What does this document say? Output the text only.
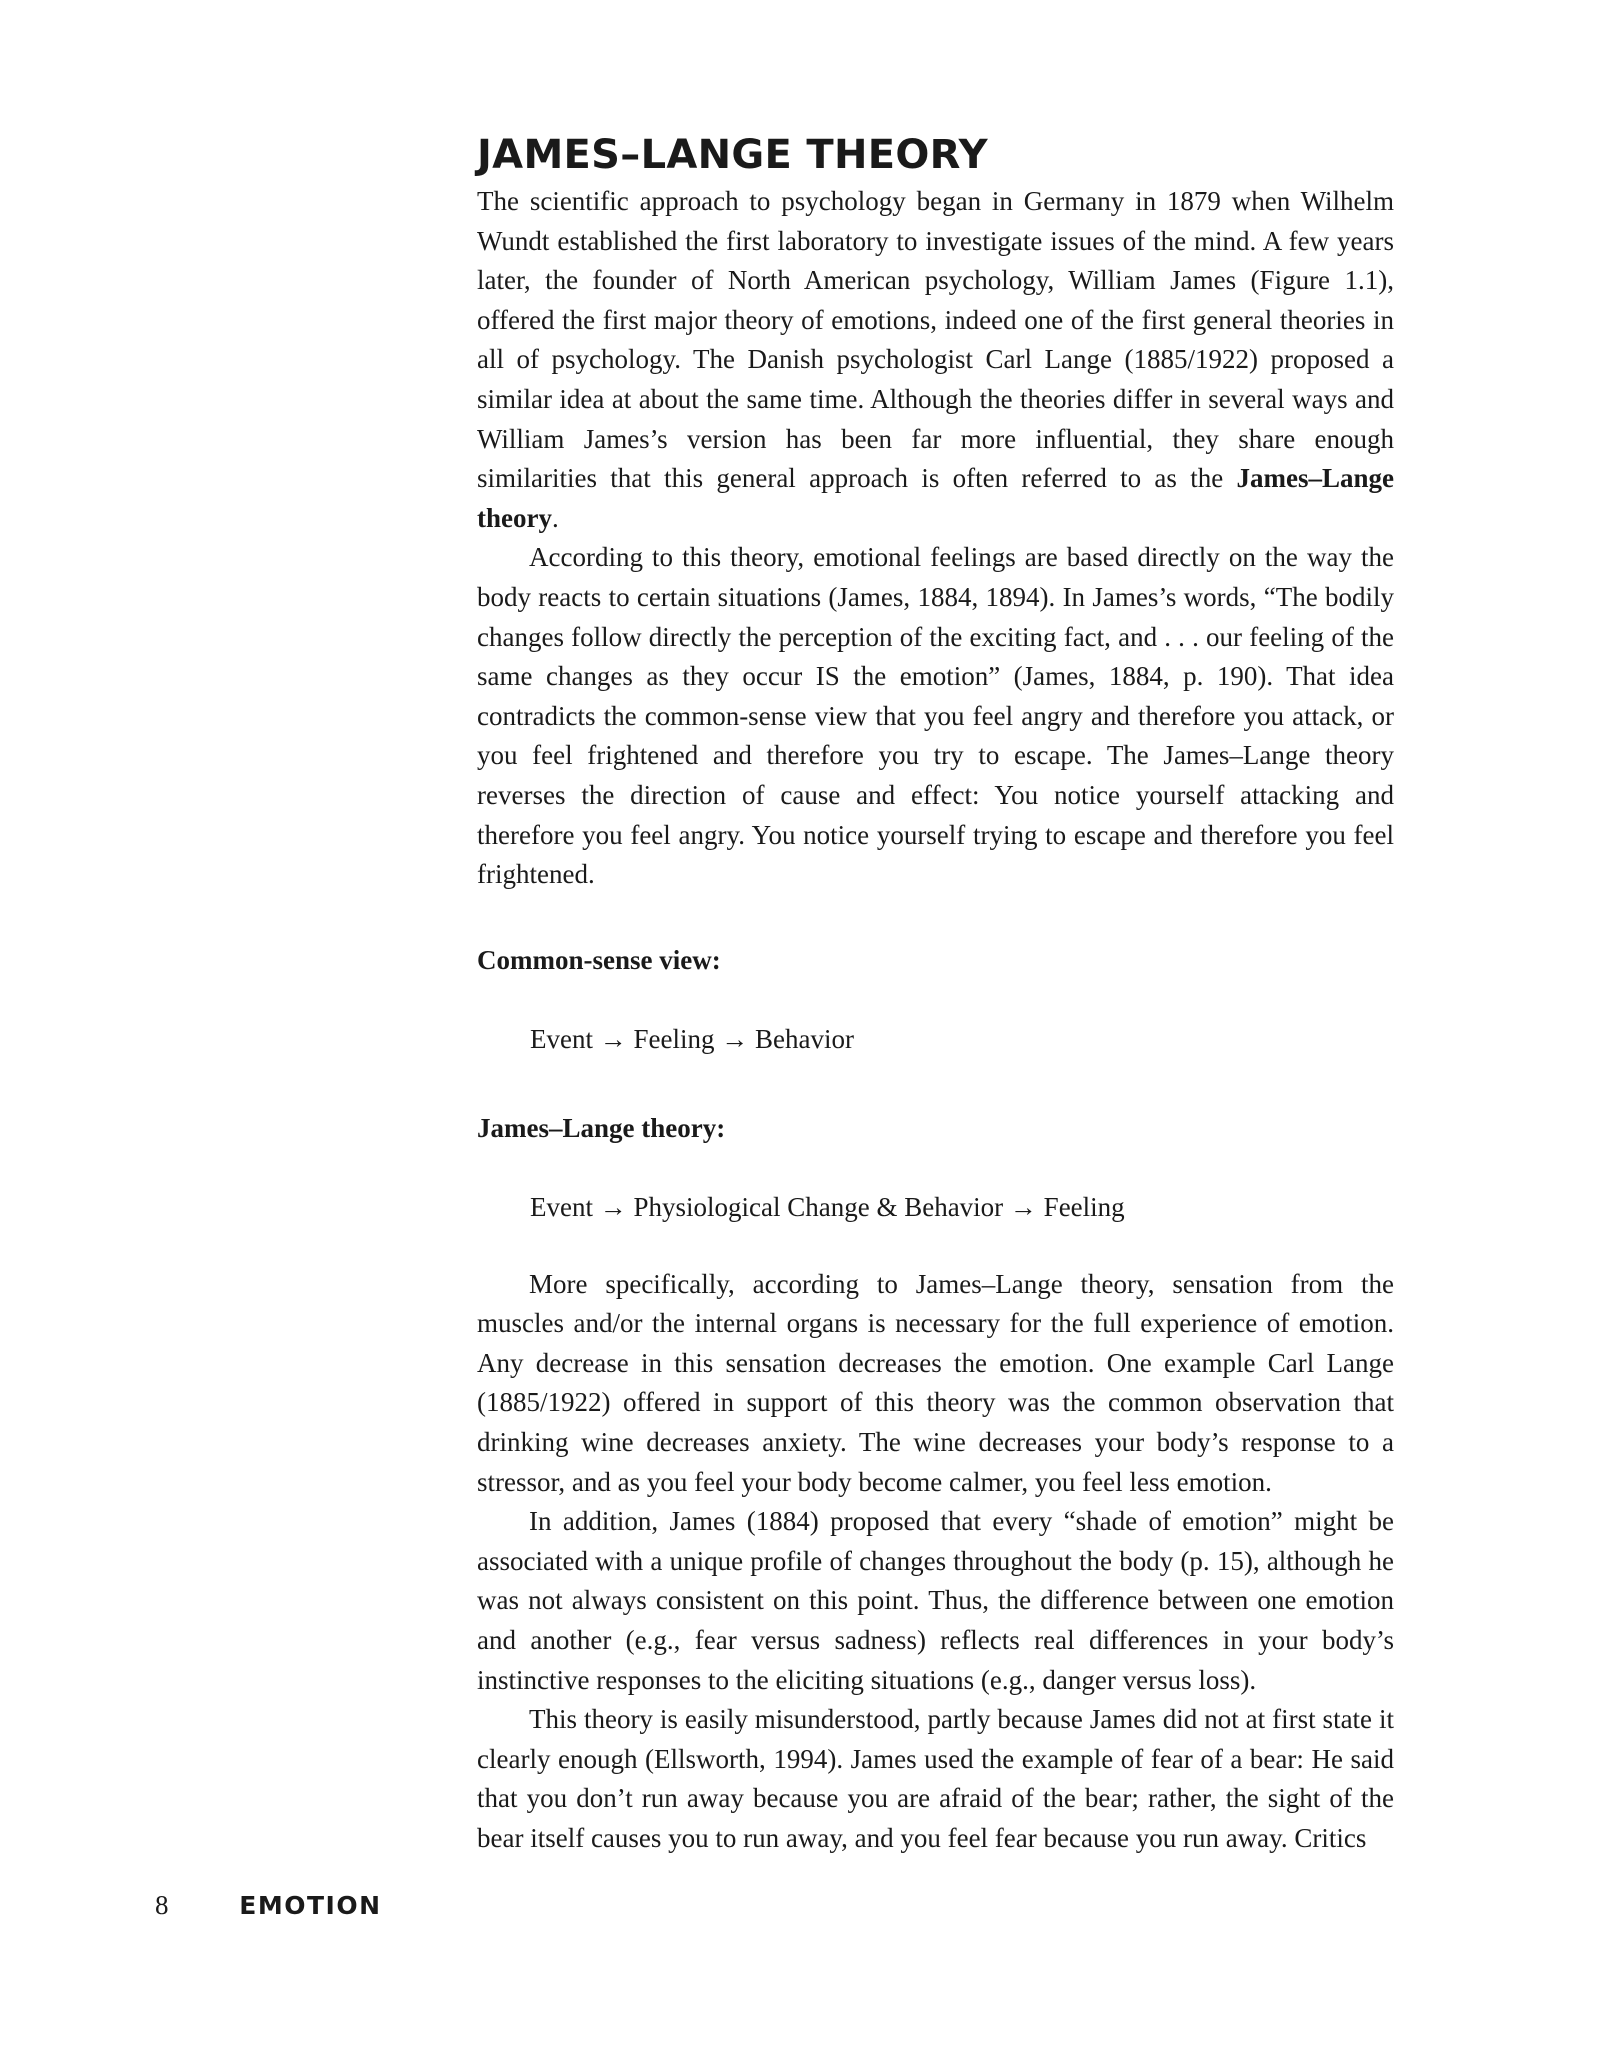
JAMES–LANGE THEORY

The scientific approach to psychology began in Germany in 1879 when Wilhelm Wundt established the first laboratory to investigate issues of the mind. A few years later, the founder of North American psychology, William James (Figure 1.1), offered the first major theory of emotions, indeed one of the first general theories in all of psychology. The Danish psychologist Carl Lange (1885/1922) proposed a similar idea at about the same time. Although the theories differ in several ways and William James’s version has been far more influential, they share enough similarities that this general approach is often referred to as the James–Lange theory.

According to this theory, emotional feelings are based directly on the way the body reacts to certain situations (James, 1884, 1894). In James’s words, “The bodily changes follow directly the perception of the exciting fact, and . . . our feeling of the same changes as they occur IS the emotion” (James, 1884, p. 190). That idea contradicts the common-sense view that you feel angry and therefore you attack, or you feel frightened and therefore you try to escape. The James–Lange theory reverses the direction of cause and effect: You notice yourself attacking and therefore you feel angry. You notice yourself trying to escape and therefore you feel frightened.

Common-sense view:
Event → Feeling → Behavior
James–Lange theory:
Event → Physiological Change & Behavior → Feeling

More specifically, according to James–Lange theory, sensation from the muscles and/or the internal organs is necessary for the full experience of emotion. Any decrease in this sensation decreases the emotion. One example Carl Lange (1885/1922) offered in support of this theory was the common observation that drinking wine decreases anxiety. The wine decreases your body’s response to a stressor, and as you feel your body become calmer, you feel less emotion.

In addition, James (1884) proposed that every “shade of emotion” might be associated with a unique profile of changes throughout the body (p. 15), although he was not always consistent on this point. Thus, the difference between one emotion and another (e.g., fear versus sadness) reflects real differences in your body’s instinctive responses to the eliciting situations (e.g., danger versus loss).

This theory is easily misunderstood, partly because James did not at first state it clearly enough (Ellsworth, 1994). James used the example of fear of a bear: He said that you don’t run away because you are afraid of the bear; rather, the sight of the bear itself causes you to run away, and you feel fear because you run away. Critics

8	EMOTION
